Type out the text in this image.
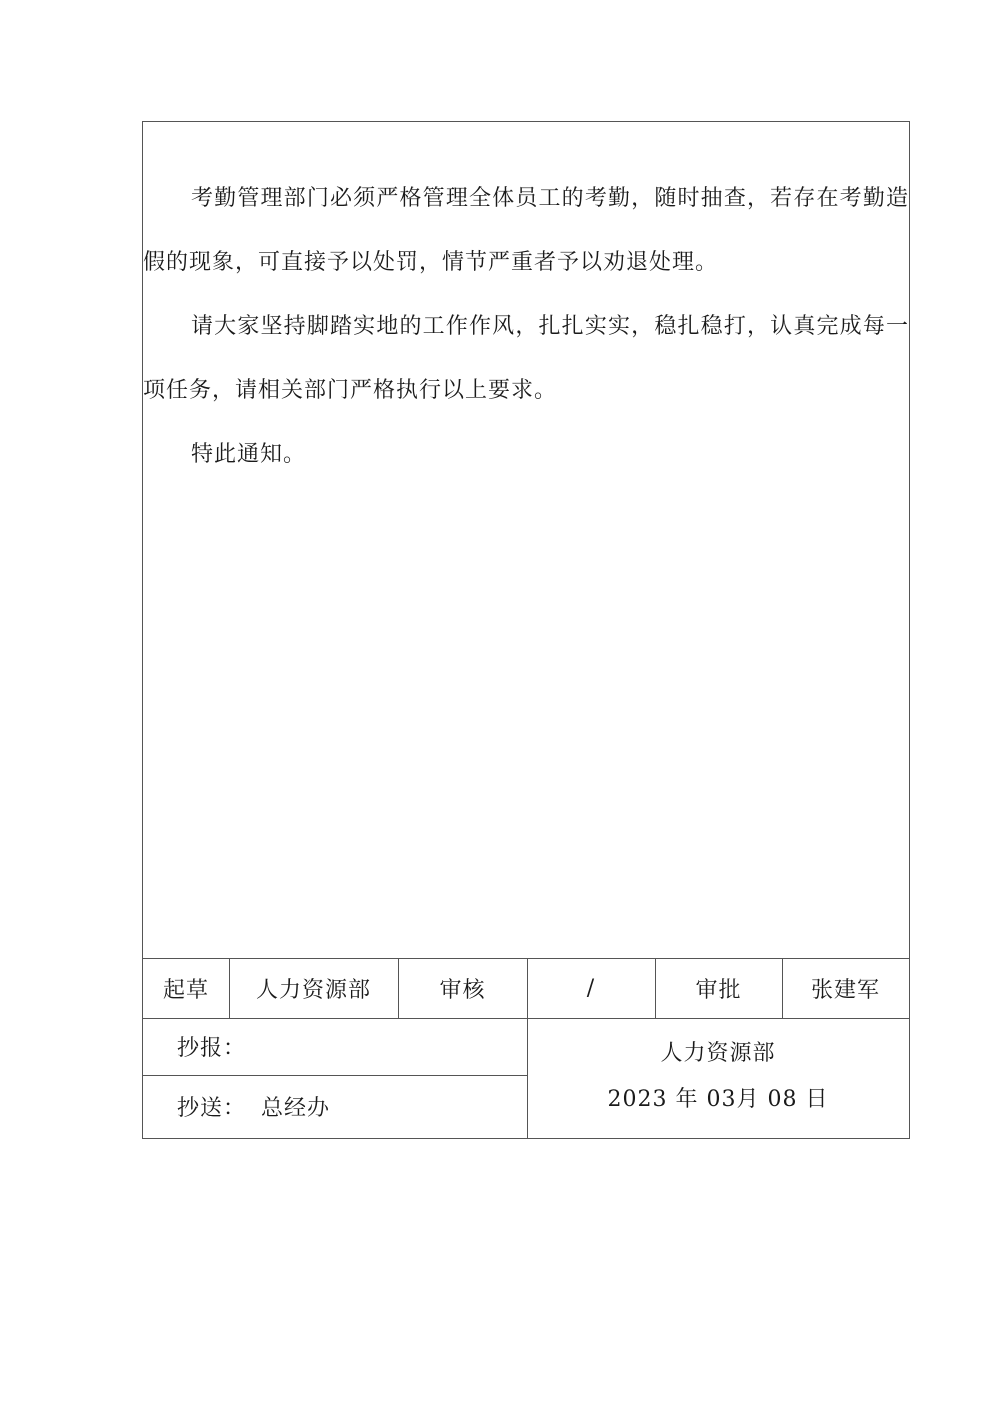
考勤管理部门必须严格管理全体员工的考勤，随时抽查，若存在考勤造假的现象，可直接予以处罚，情节严重者予以劝退处理。

请大家坚持脚踏实地的工作作风，扎扎实实，稳扎稳打，认真完成每一项任务，请相关部门严格执行以上要求。

特此通知。

起草	人力资源部	审核	/	审批	张建军
抄报：
抄送： 总经办
人力资源部
2023 年 03月 08 日
